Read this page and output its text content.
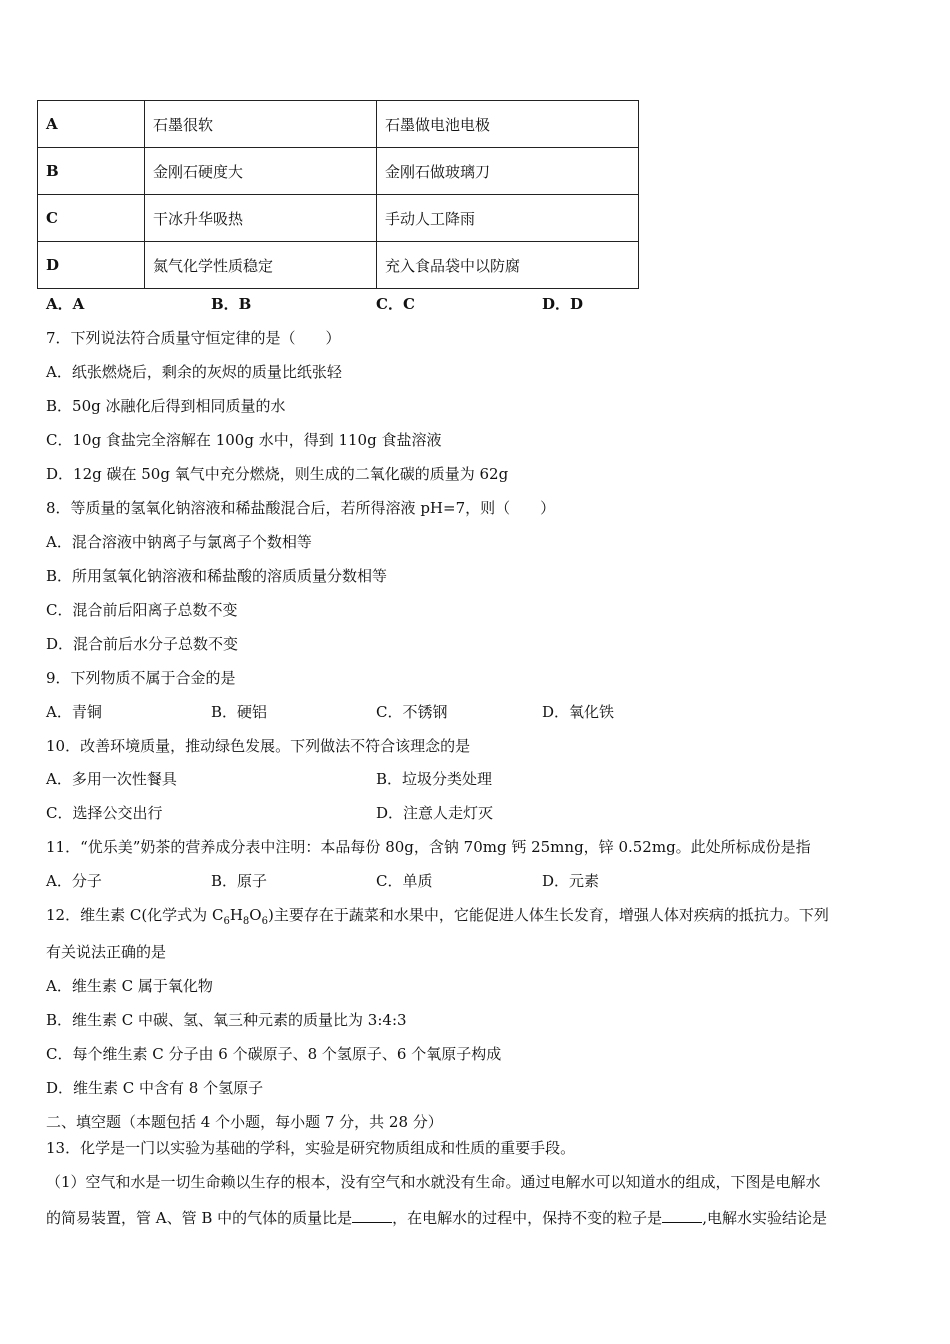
A	石墨很软	石墨做电池电极
B	金刚石硬度大	金刚石做玻璃刀
C	干冰升华吸热	手动人工降雨
D	氮气化学性质稳定	充入食品袋中以防腐
A．A	B．B	C．C	D．D
7．下列说法符合质量守恒定律的是（　　）
A．纸张燃烧后，剩余的灰烬的质量比纸张轻
B．50g 冰融化后得到相同质量的水
C．10g 食盐完全溶解在 100g 水中，得到 110g 食盐溶液
D．12g 碳在 50g 氧气中充分燃烧，则生成的二氧化碳的质量为 62g
8．等质量的氢氧化钠溶液和稀盐酸混合后，若所得溶液 pH=7，则（　　）
A．混合溶液中钠离子与氯离子个数相等
B．所用氢氧化钠溶液和稀盐酸的溶质质量分数相等
C．混合前后阳离子总数不变
D．混合前后水分子总数不变
9．下列物质不属于合金的是
A．青铜	B．硬铝	C．不锈钢	D．氧化铁
10．改善环境质量，推动绿色发展。下列做法不符合该理念的是
A．多用一次性餐具	B．垃圾分类处理
C．选择公交出行	D．注意人走灯灭
11．“优乐美”奶茶的营养成分表中注明：本品每份 80g，含钠 70mg 钙 25mng，锌 0.52mg。此处所标成份是指
A．分子	B．原子	C．单质	D．元素
12．维生素 C(化学式为 $C_6H_8O_6$)主要存在于蔬菜和水果中，它能促进人体生长发育，增强人体对疾病的抵抗力。下列
有关说法正确的是
A．维生素 C 属于氧化物
B．维生素 C 中碳、氢、氧三种元素的质量比为 3:4:3
C．每个维生素 C 分子由 6 个碳原子、8 个氢原子、6 个氧原子构成
D．维生素 C 中含有 8 个氢原子
二、填空题（本题包括 4 个小题，每小题 7 分，共 28 分）
13．化学是一门以实验为基础的学科，实验是研究物质组成和性质的重要手段。
（1）空气和水是一切生命赖以生存的根本，没有空气和水就没有生命。通过电解水可以知道水的组成，下图是电解水
的简易装置，管 A、管 B 中的气体的质量比是	，在电解水的过程中，保持不变的粒子是	,电解水实验结论是
